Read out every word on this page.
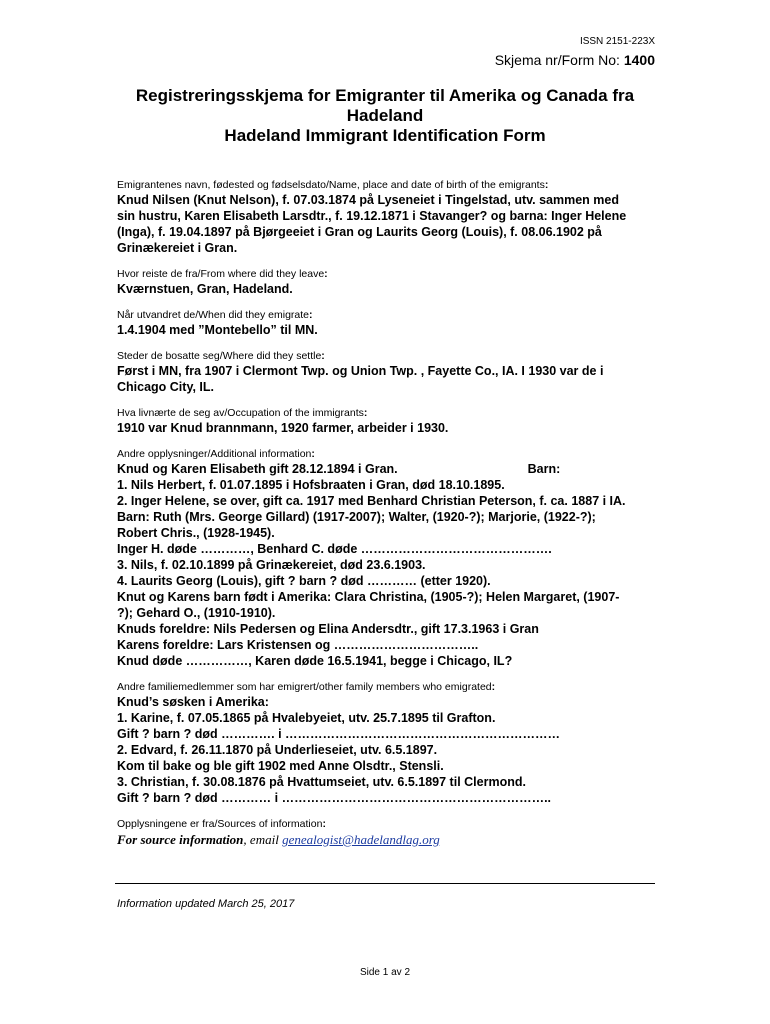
ISSN 2151-223X
Skjema nr/Form No: 1400
Registreringsskjema for Emigranter til Amerika og Canada fra
Hadeland
Hadeland Immigrant Identification Form
Emigrantenes navn, fødested og fødselsdato/Name, place and date of birth of the emigrants:
Knud Nilsen (Knut Nelson), f. 07.03.1874 på Lyseneiet i Tingelstad, utv. sammen med
sin hustru, Karen Elisabeth Larsdtr., f. 19.12.1871 i Stavanger? og barna: Inger Helene
(Inga), f. 19.04.1897 på Bjørgeeiet i Gran og Laurits Georg (Louis), f. 08.06.1902 på
Grinækereiet i Gran.
Hvor reiste de fra/From where did they leave:
Kværnstuen, Gran, Hadeland.
Når utvandret de/When did they emigrate:
1.4.1904 med ”Montebello” til MN.
Steder de bosatte seg/Where did they settle:
Først i MN, fra 1907 i Clermont Twp. og Union Twp. , Fayette Co., IA. I 1930 var de i
Chicago City, IL.
Hva livnærte de seg av/Occupation of the immigrants:
1910 var Knud brannmann, 1920 farmer, arbeider i 1930.
Andre opplysninger/Additional information:
Knud og Karen Elisabeth gift 28.12.1894 i Gran.	Barn:
1. Nils Herbert, f. 01.07.1895 i Hofsbraaten i Gran, død 18.10.1895.
2. Inger Helene, se over, gift ca. 1917 med Benhard Christian Peterson, f. ca. 1887 i IA.
Barn: Ruth (Mrs. George Gillard) (1917-2007); Walter, (1920-?); Marjorie, (1922-?);
Robert Chris., (1928-1945).
Inger H. døde …………, Benhard C. døde ……………………………………….
3. Nils, f. 02.10.1899 på Grinækereiet, død 23.6.1903.
4. Laurits Georg (Louis), gift ? barn ? død ………… (etter 1920).
Knut og Karens barn født i Amerika: Clara Christina, (1905-?); Helen Margaret, (1907-
?); Gehard O., (1910-1910).
Knuds foreldre: Nils Pedersen og Elina Andersdtr., gift 17.3.1963 i Gran
Karens foreldre: Lars Kristensen og ……………………………..
Knud døde ……………, Karen døde 16.5.1941, begge i Chicago, IL?
Andre familiemedlemmer som har emigrert/other family members who emigrated:
Knud’s søsken i Amerika:
1. Karine, f. 07.05.1865 på Hvalebyeiet, utv. 25.7.1895 til Grafton.
Gift ? barn ? død …………. i …………………………………………………………
2. Edvard, f. 26.11.1870 på Underlieseiet, utv. 6.5.1897.
Kom til bake og ble gift 1902 med Anne Olsdtr., Stensli.
3. Christian, f. 30.08.1876 på Hvattumseiet, utv. 6.5.1897 til Clermond.
Gift ? barn ? død ………… i ………………………………………………………..
Opplysningene er fra/Sources of information:
For source information, email genealogist@hadelandlag.org
Information updated March 25, 2017
Side 1 av 2
